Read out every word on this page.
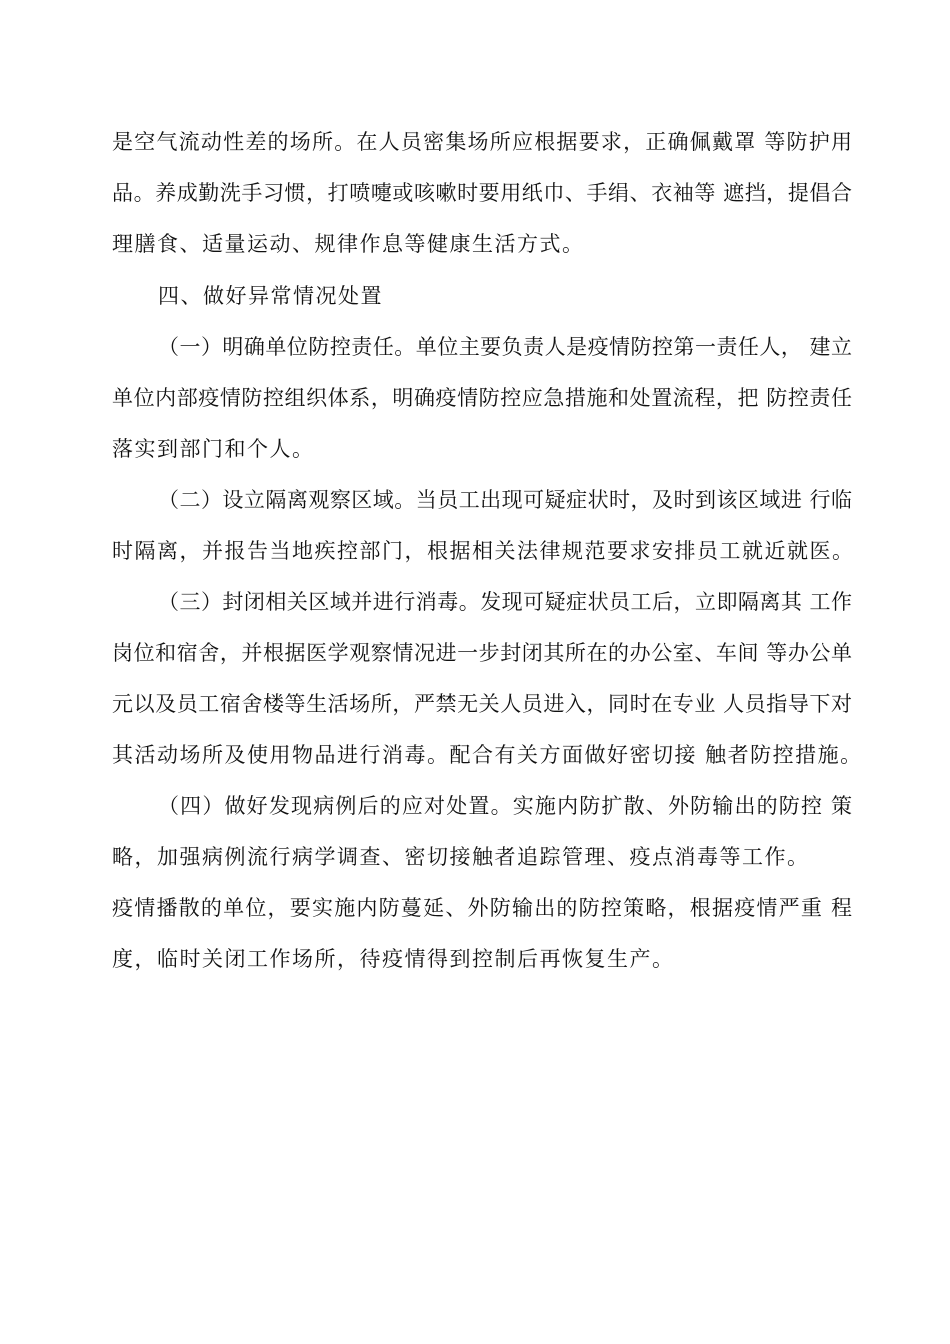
是空气流动性差的场所。在人员密集场所应根据要求，正确佩戴罩 等防护用
品。养成勤洗手习惯，打喷嚏或咳嗽时要用纸巾、手绢、衣袖等 遮挡，提倡合
理膳食、适量运动、规律作息等健康生活方式。
四、做好异常情况处置
（一）明确单位防控责任。单位主要负责人是疫情防控第一责任人， 建立
单位内部疫情防控组织体系，明确疫情防控应急措施和处置流程，把 防控责任
落实到部门和个人。
（二）设立隔离观察区域。当员工出现可疑症状时，及时到该区域进 行临
时隔离，并报告当地疾控部门，根据相关法律规范要求安排员工就近就医。
（三）封闭相关区域并进行消毒。发现可疑症状员工后，立即隔离其 工作
岗位和宿舍，并根据医学观察情况进一步封闭其所在的办公室、车间 等办公单
元以及员工宿舍楼等生活场所，严禁无关人员进入，同时在专业 人员指导下对
其活动场所及使用物品进行消毒。配合有关方面做好密切接 触者防控措施。
（四）做好发现病例后的应对处置。实施内防扩散、外防输出的防控 策
略，加强病例流行病学调查、密切接触者追踪管理、疫点消毒等工作。
疫情播散的单位，要实施内防蔓延、外防输出的防控策略，根据疫情严重 程
度，临时关闭工作场所，待疫情得到控制后再恢复生产。
